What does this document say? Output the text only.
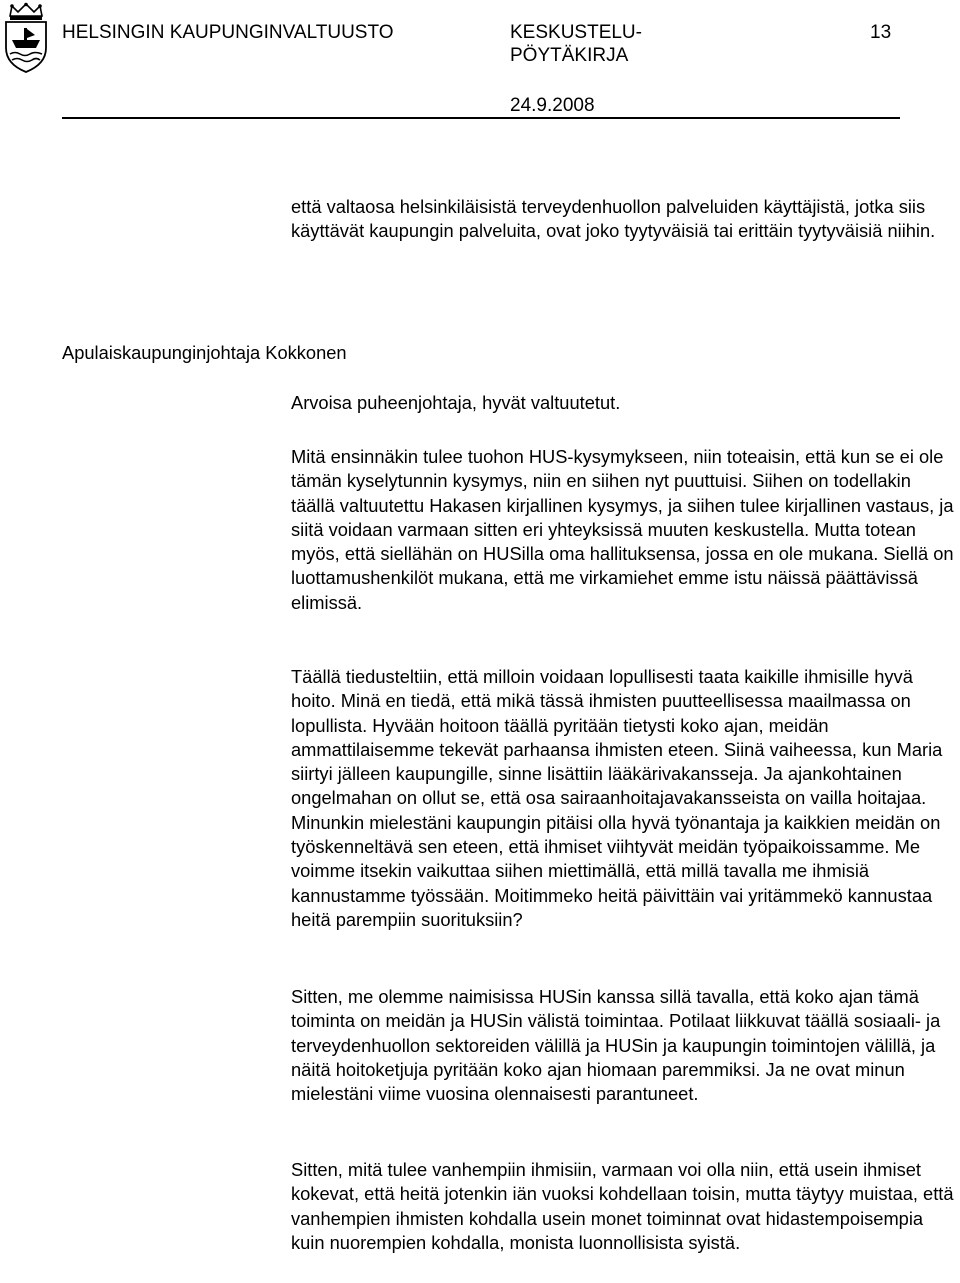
HELSINGIN KAUPUNGINVALTUUSTO	KESKUSTELU-
PÖYTÄKIRJA
13
24.9.2008

että valtaosa helsinkiläisistä terveydenhuollon palveluiden käyttäjistä, jotka siis käyttävät kaupungin palveluita, ovat joko tyytyväisiä tai erittäin tyytyväisiä niihin.

Apulaiskaupunginjohtaja Kokkonen

Arvoisa puheenjohtaja, hyvät valtuutetut.

Mitä ensinnäkin tulee tuohon HUS-kysymykseen, niin toteaisin, että kun se ei ole tämän kyselytunnin kysymys, niin en siihen nyt puuttuisi. Siihen on todellakin täällä valtuutettu Hakasen kirjallinen kysymys, ja siihen tulee kirjallinen vastaus, ja siitä voidaan varmaan sitten eri yhteyksissä muuten keskustella. Mutta totean myös, että siellähän on HUSilla oma hallituksensa, jossa en ole mukana. Siellä on luottamushenkilöt mukana, että me virkamiehet emme istu näissä päättävissä elimissä.

Täällä tiedusteltiin, että milloin voidaan lopullisesti taata kaikille ihmisille hyvä hoito. Minä en tiedä, että mikä tässä ihmisten puutteellisessa maailmassa on lopullista. Hyvään hoitoon täällä pyritään tietysti koko ajan, meidän ammattilaisemme tekevät parhaansa ihmisten eteen. Siinä vaiheessa, kun Maria siirtyi jälleen kaupungille, sinne lisättiin lääkärivakansseja. Ja ajankohtainen ongelmahan on ollut se, että osa sairaanhoitajavakansseista on vailla hoitajaa. Minunkin mielestäni kaupungin pitäisi olla hyvä työnantaja ja kaikkien meidän on työskenneltävä sen eteen, että ihmiset viihtyvät meidän työpaikoissamme. Me voimme itsekin vaikuttaa siihen miettimällä, että millä tavalla me ihmisiä kannustamme työssään. Moitimmeko heitä päivittäin vai yritämmekö kannustaa heitä parempiin suorituksiin?

Sitten, me olemme naimisissa HUSin kanssa sillä tavalla, että koko ajan tämä toiminta on meidän ja HUSin välistä toimintaa. Potilaat liikkuvat täällä sosiaali- ja terveydenhuollon sektoreiden välillä ja HUSin ja kaupungin toimintojen välillä, ja näitä hoitoketjuja pyritään koko ajan hiomaan paremmiksi. Ja ne ovat minun mielestäni viime vuosina olennaisesti parantuneet.

Sitten, mitä tulee vanhempiin ihmisiin, varmaan voi olla niin, että usein ihmiset kokevat, että heitä jotenkin iän vuoksi kohdellaan toisin, mutta täytyy muistaa, että vanhempien ihmisten kohdalla usein monet toiminnat ovat hidastempoisempia kuin nuorempien kohdalla, monista luonnollisista syistä.
